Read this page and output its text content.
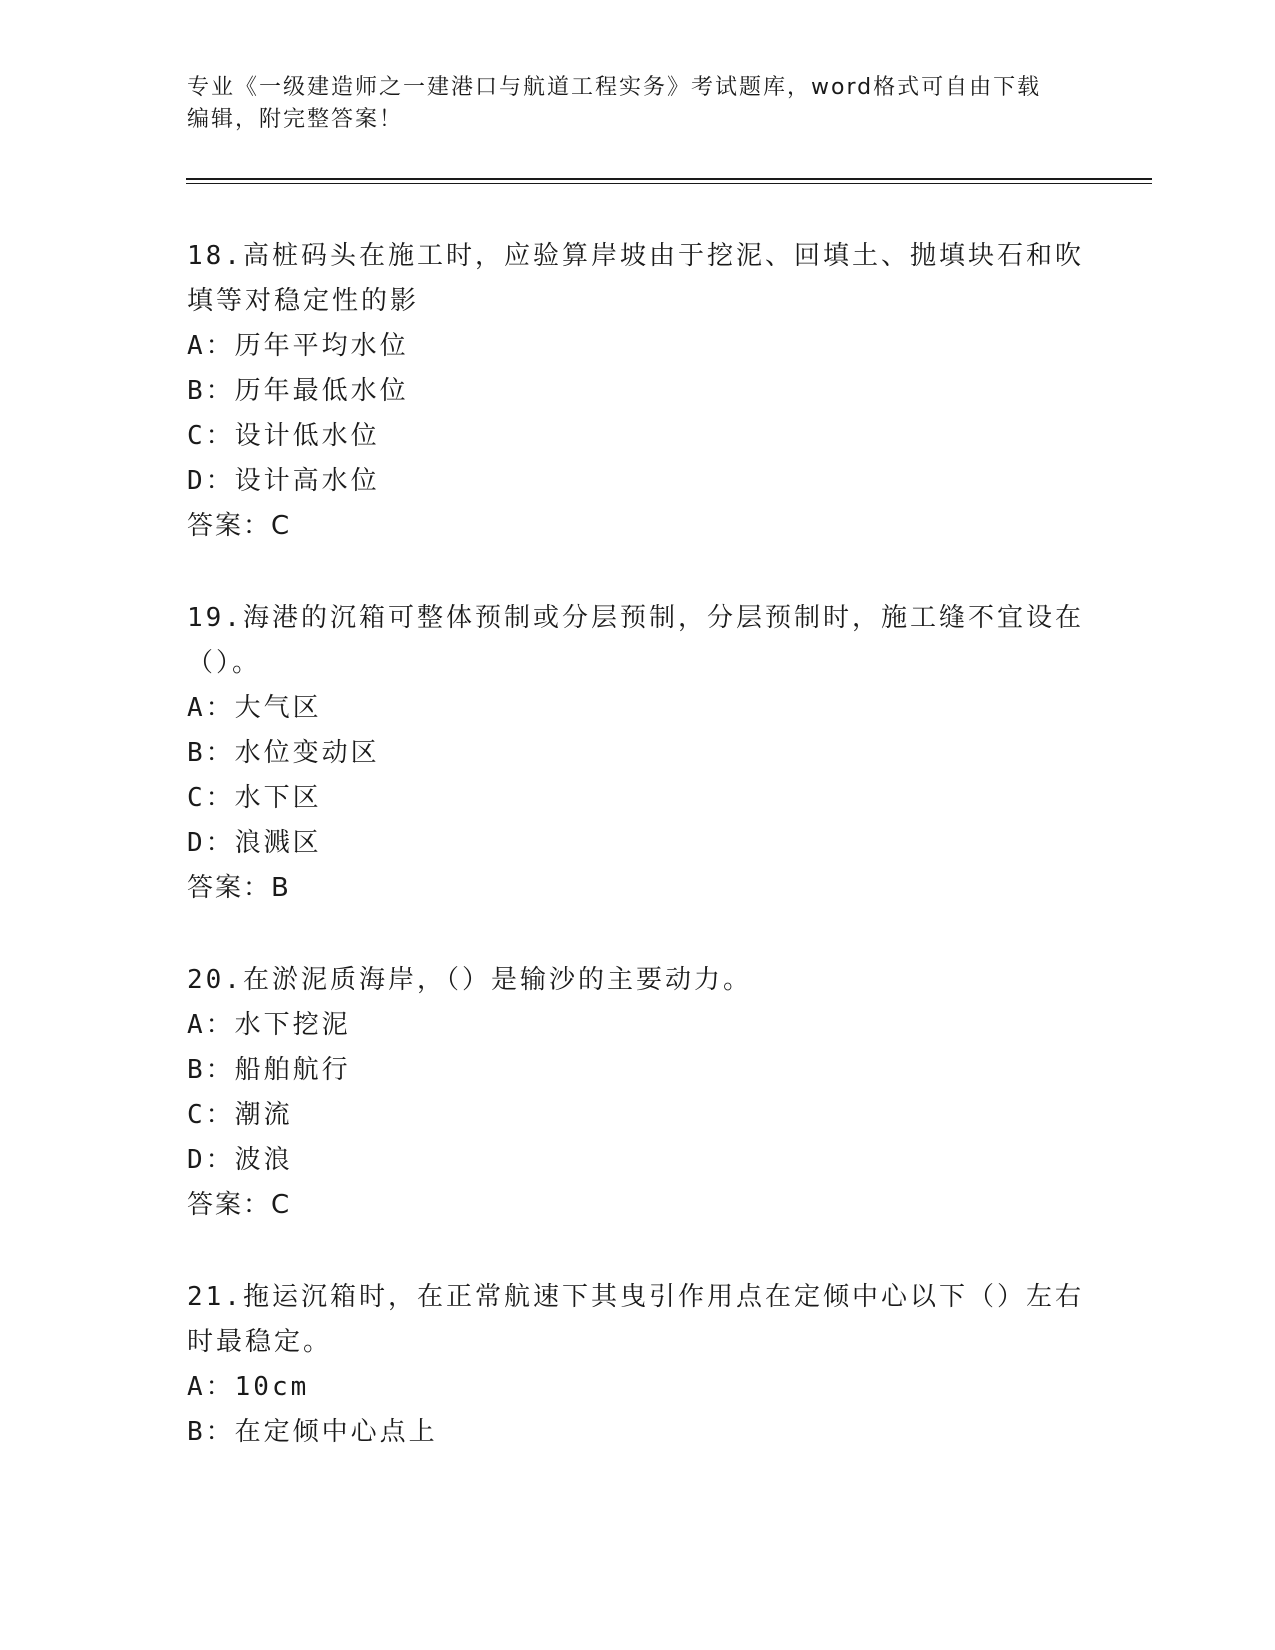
专业《一级建造师之一建港口与航道工程实务》考试题库，word格式可自由下载
编辑，附完整答案！
18.高桩码头在施工时，应验算岸坡由于挖泥、回填土、抛填块石和吹
填等对稳定性的影
A：历年平均水位
B：历年最低水位
C：设计低水位
D：设计高水位
答案：C
19.海港的沉箱可整体预制或分层预制，分层预制时，施工缝不宜设在
（）。
A：大气区
B：水位变动区
C：水下区
D：浪溅区
答案：B
20.在淤泥质海岸，（）是输沙的主要动力。
A：水下挖泥
B：船舶航行
C：潮流
D：波浪
答案：C
21.拖运沉箱时，在正常航速下其曳引作用点在定倾中心以下（）左右
时最稳定。
A：10cm
B：在定倾中心点上
